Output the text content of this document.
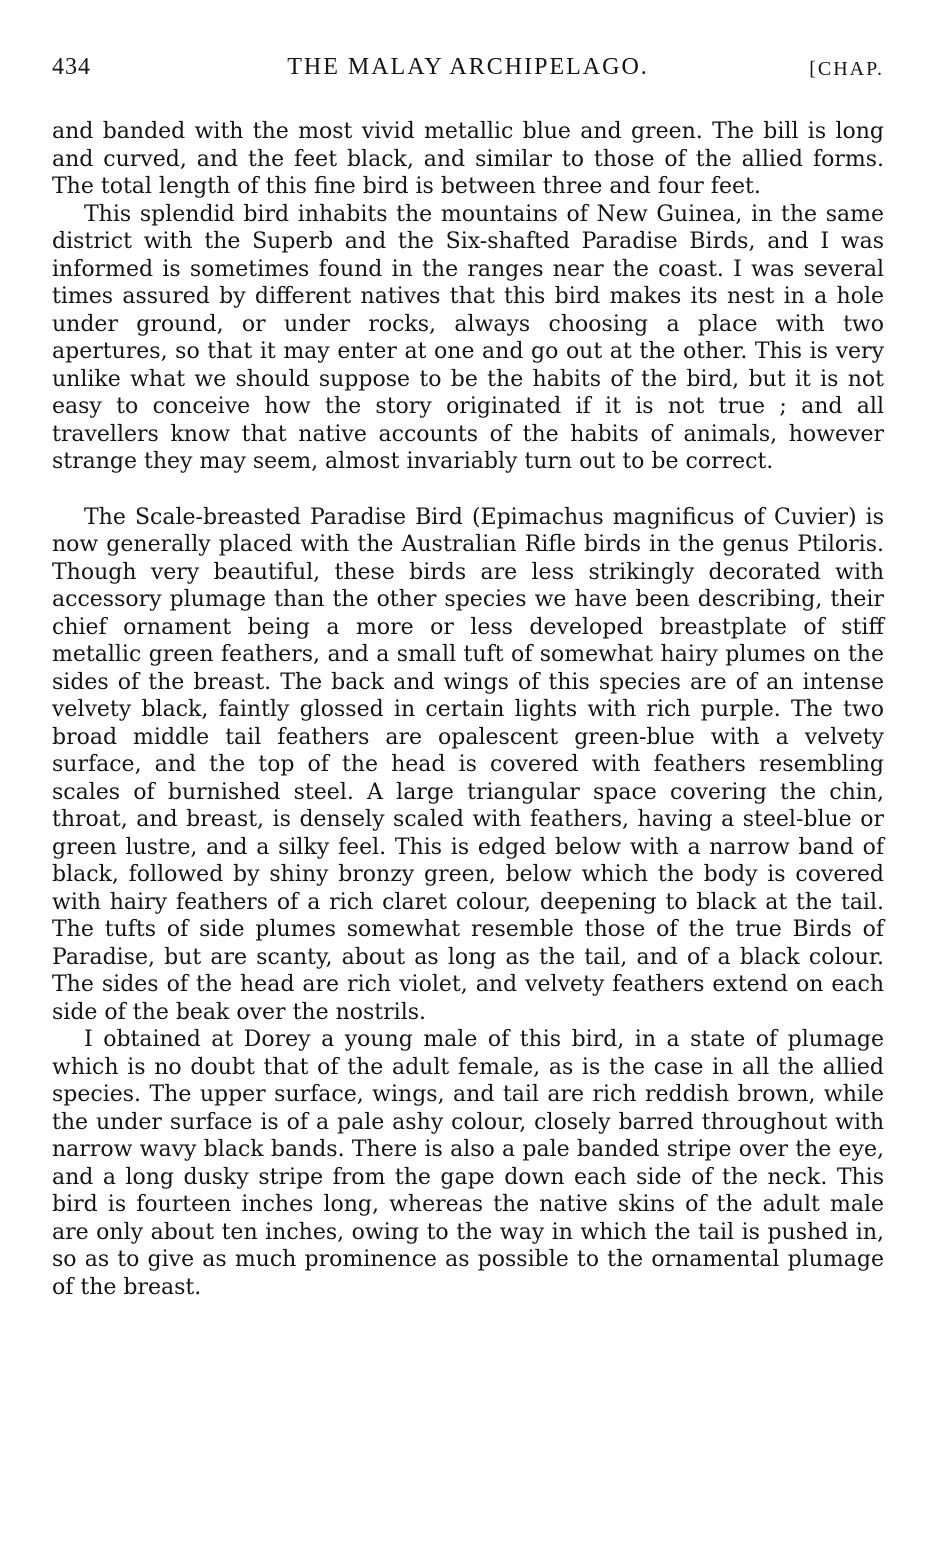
434	THE MALAY ARCHIPELAGO.	[CHAP.

and banded with the most vivid metallic blue and green. The bill is long and curved, and the feet black, and similar to those of the allied forms. The total length of this fine bird is between three and four feet.

This splendid bird inhabits the mountains of New Guinea, in the same district with the Superb and the Six-shafted Paradise Birds, and I was informed is sometimes found in the ranges near the coast. I was several times assured by different natives that this bird makes its nest in a hole under ground, or under rocks, always choosing a place with two apertures, so that it may enter at one and go out at the other. This is very unlike what we should suppose to be the habits of the bird, but it is not easy to conceive how the story originated if it is not true ; and all travellers know that native accounts of the habits of animals, however strange they may seem, almost invariably turn out to be correct.

The Scale-breasted Paradise Bird (Epimachus magnificus of Cuvier) is now generally placed with the Australian Rifle birds in the genus Ptiloris. Though very beautiful, these birds are less strikingly decorated with accessory plumage than the other species we have been describing, their chief ornament being a more or less developed breastplate of stiff metallic green feathers, and a small tuft of somewhat hairy plumes on the sides of the breast. The back and wings of this species are of an intense velvety black, faintly glossed in certain lights with rich purple. The two broad middle tail feathers are opalescent green-blue with a velvety surface, and the top of the head is covered with feathers resembling scales of burnished steel. A large triangular space covering the chin, throat, and breast, is densely scaled with feathers, having a steel-blue or green lustre, and a silky feel. This is edged below with a narrow band of black, followed by shiny bronzy green, below which the body is covered with hairy feathers of a rich claret colour, deepening to black at the tail. The tufts of side plumes somewhat resemble those of the true Birds of Paradise, but are scanty, about as long as the tail, and of a black colour. The sides of the head are rich violet, and velvety feathers extend on each side of the beak over the nostrils.

I obtained at Dorey a young male of this bird, in a state of plumage which is no doubt that of the adult female, as is the case in all the allied species. The upper surface, wings, and tail are rich reddish brown, while the under surface is of a pale ashy colour, closely barred throughout with narrow wavy black bands. There is also a pale banded stripe over the eye, and a long dusky stripe from the gape down each side of the neck. This bird is fourteen inches long, whereas the native skins of the adult male are only about ten inches, owing to the way in which the tail is pushed in, so as to give as much prominence as possible to the ornamental plumage of the breast.
